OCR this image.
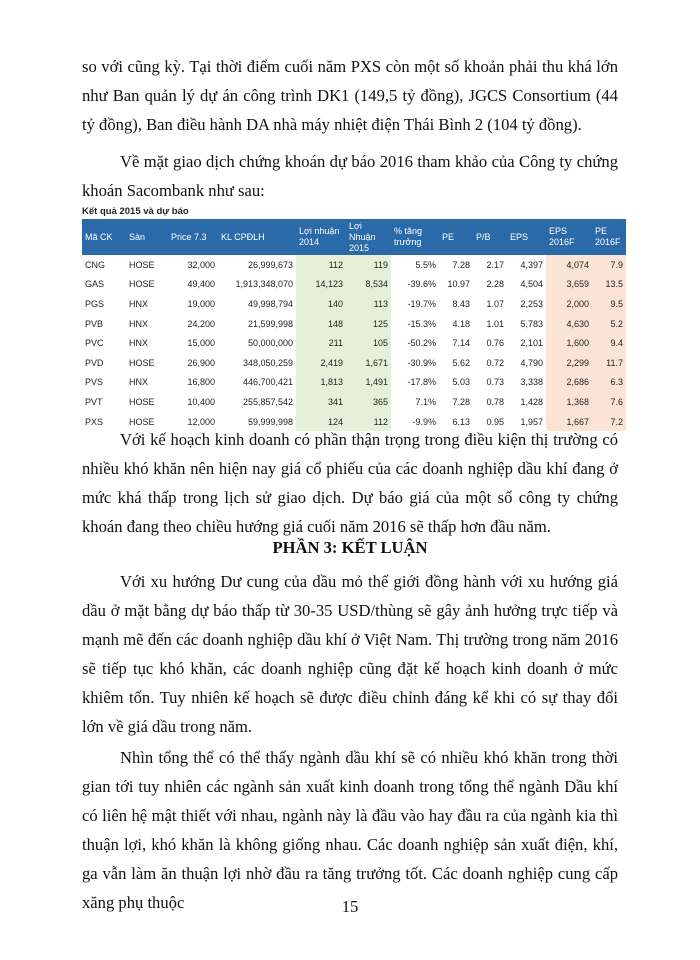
so với cũng kỳ. Tại thời điểm cuối năm PXS còn một số khoản phải thu khá lớn như Ban quản lý dự án công trình DK1 (149,5 tỷ đồng), JGCS Consortium (44 tỷ đồng), Ban điều hành DA nhà máy nhiệt điện Thái Bình 2 (104 tỷ đồng).

Về mặt giao dịch chứng khoán dự báo 2016 tham khảo của Công ty chứng khoán Sacombank như sau:

Kết quả 2015 và dự báo
Mã CK	Sàn	Price 7.3	KL CPĐLH	Lợi nhuận 2014	Lợi Nhuận 2015	% tăng trưởng	PE	P/B	EPS	EPS 2016F	PE 2016F
CNG	HOSE	32,000	26,999,673	112	119	5.5%	7.28	2.17	4,397	4,074	7.9
GAS	HOSE	49,400	1,913,348,070	14,123	8,534	-39.6%	10.97	2.28	4,504	3,659	13.5
PGS	HNX	19,000	49,998,794	140	113	-19.7%	8.43	1.07	2,253	2,000	9.5
PVB	HNX	24,200	21,599,998	148	125	-15.3%	4.18	1.01	5,783	4,630	5.2
PVC	HNX	15,000	50,000,000	211	105	-50.2%	7.14	0.76	2,101	1,600	9.4
PVD	HOSE	26,900	348,050,259	2,419	1,671	-30.9%	5.62	0.72	4,790	2,299	11.7
PVS	HNX	16,800	446,700,421	1,813	1,491	-17.8%	5.03	0.73	3,338	2,686	6.3
PVT	HOSE	10,400	255,857,542	341	365	7.1%	7.28	0.78	1,428	1,368	7.6
PXS	HOSE	12,000	59,999,998	124	112	-9.9%	6.13	0.95	1,957	1,667	7.2

Với kế hoạch kinh doanh có phần thận trọng trong điều kiện thị trường có nhiều khó khăn nên hiện nay giá cổ phiếu của các doanh nghiệp dầu khí đang ở mức khá thấp trong lịch sử giao dịch. Dự báo giá của một số công ty chứng khoán đang theo chiều hướng giá cuối năm 2016 sẽ thấp hơn đầu năm.

PHẦN 3: KẾT LUẬN

Với xu hướng Dư cung của dầu mỏ thế giới đồng hành với xu hướng giá dầu ở mặt bằng dự báo thấp từ 30-35 USD/thùng sẽ gây ảnh hưởng trực tiếp và mạnh mẽ đến các doanh nghiệp dầu khí ở Việt Nam. Thị trường trong năm 2016 sẽ tiếp tục khó khăn, các doanh nghiệp cũng đặt kế hoạch kinh doanh ở mức khiêm tốn. Tuy nhiên kế hoạch sẽ được điều chỉnh đáng kể khi có sự thay đổi lớn về giá dầu trong năm.

Nhìn tổng thể có thể thấy ngành dầu khí sẽ có nhiều khó khăn trong thời gian tới tuy nhiên các ngành sản xuất kinh doanh trong tổng thể ngành Dầu khí có liên hệ mật thiết với nhau, ngành này là đầu vào hay đầu ra của ngành kia thì thuận lợi, khó khăn là không giống nhau. Các doanh nghiệp sản xuất điện, khí, ga vẫn làm ăn thuận lợi nhờ đầu ra tăng trưởng tốt. Các doanh nghiệp cung cấp xăng phụ thuộc	15
